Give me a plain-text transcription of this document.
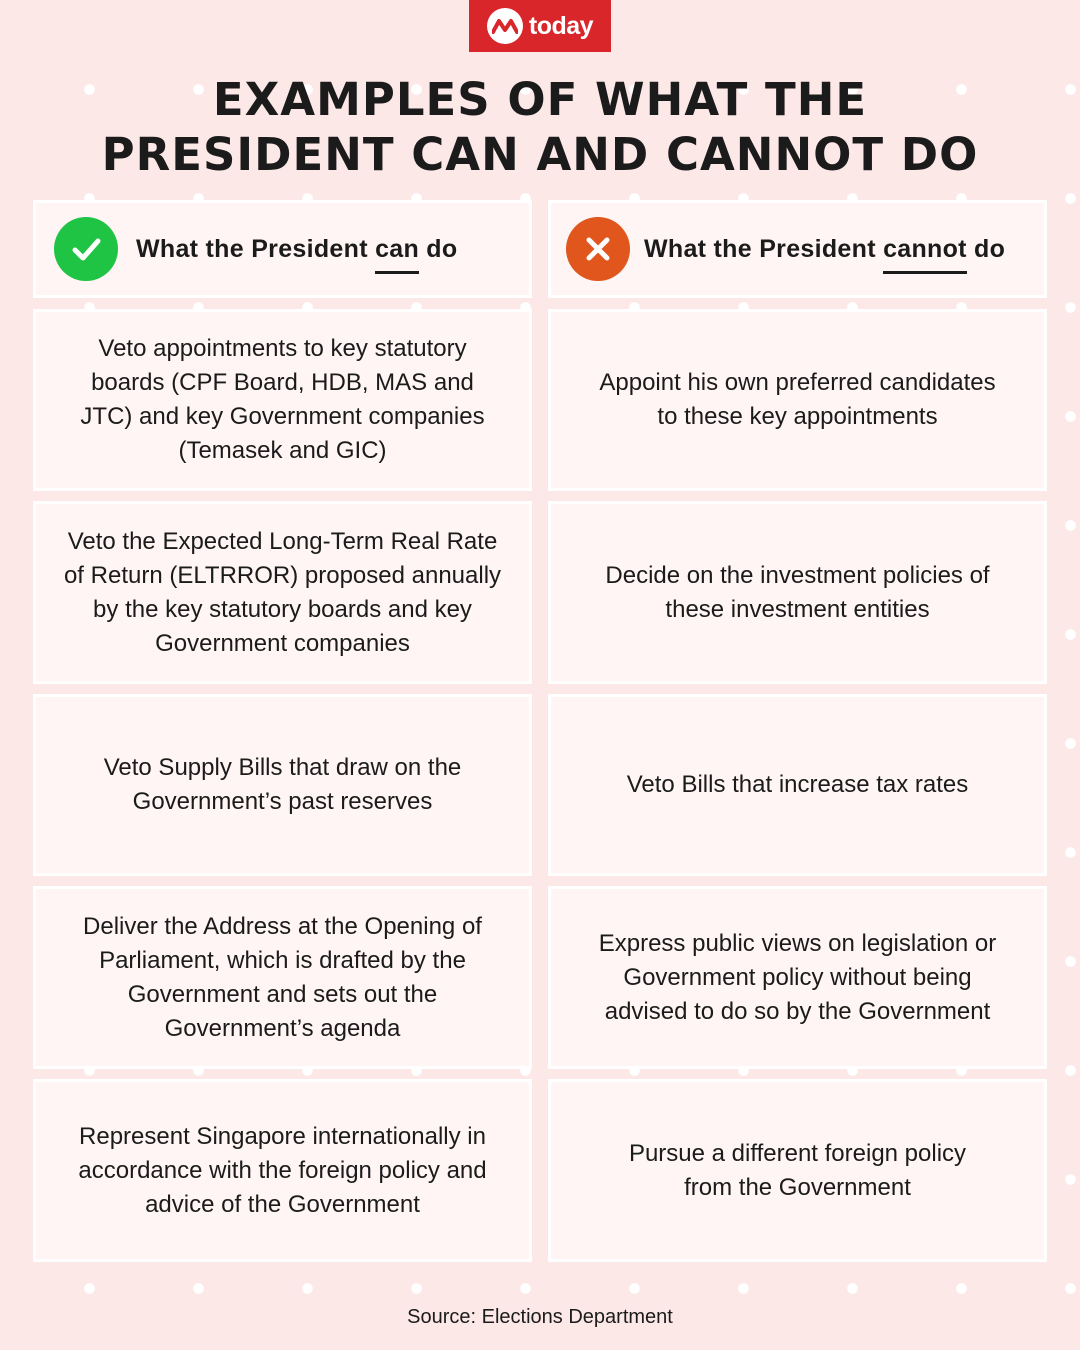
today
EXAMPLES OF WHAT THE
PRESIDENT CAN AND CANNOT DO
What the President can do	What the President cannot do
Veto appointments to key statutory boards (CPF Board, HDB, MAS and JTC) and key Government companies (Temasek and GIC)
Appoint his own preferred candidates to these key appointments
Veto the Expected Long-Term Real Rate of Return (ELTRROR) proposed annually by the key statutory boards and key Government companies
Decide on the investment policies of these investment entities
Veto Supply Bills that draw on the Government’s past reserves
Veto Bills that increase tax rates
Deliver the Address at the Opening of Parliament, which is drafted by the Government and sets out the Government’s agenda
Express public views on legislation or Government policy without being advised to do so by the Government
Represent Singapore internationally in accordance with the foreign policy and advice of the Government
Pursue a different foreign policy from the Government
Source: Elections Department
